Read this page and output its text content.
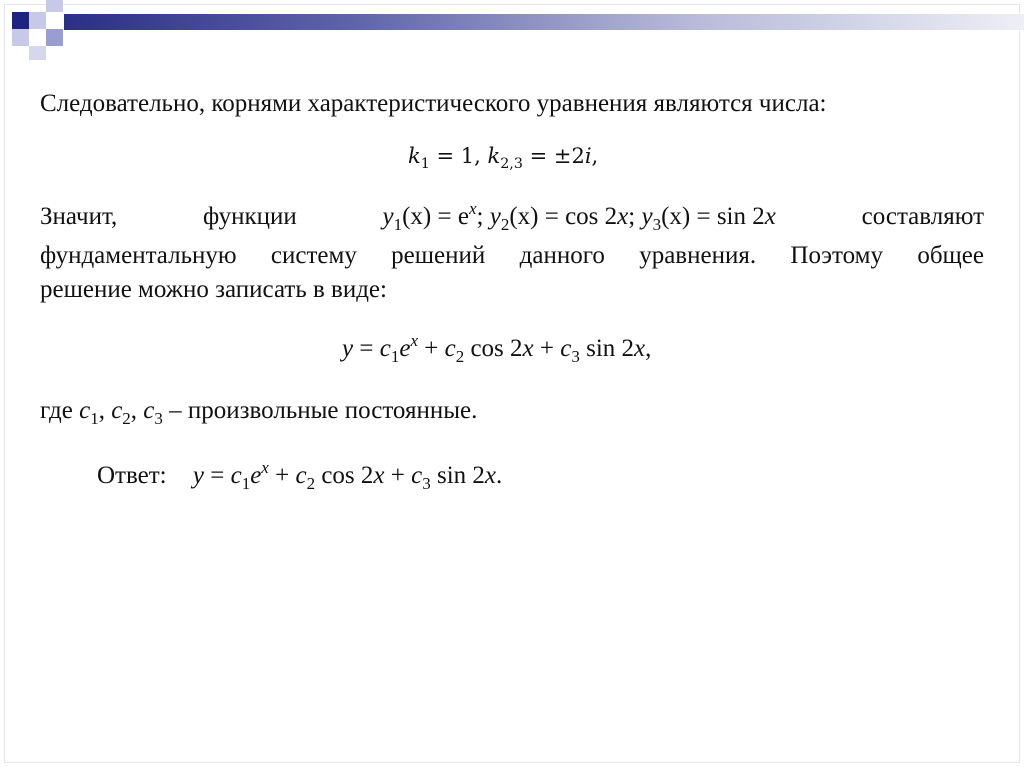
Следовательно, корнями характеристического уравнения являются числа:
$k_1 = 1$, $k_{2,3} = \pm 2i$,
Значит,	функции	$y_1(x) = e^x$; $y_2(x) = \cos 2x$; $y_3(x) = \sin 2x$	составляют
фундаментальную систему решений данного уравнения. Поэтому общее
решение можно записать в виде:
$y = c_1e^x + c_2$ $\cos 2x + c_3$ sin 2x,
где $c_1$, $c_2$, $c_3$ – произвольные постоянные.
Ответ: $y = c_1e^x + c_2$ $\cos 2x + c_3$ sin 2x.
